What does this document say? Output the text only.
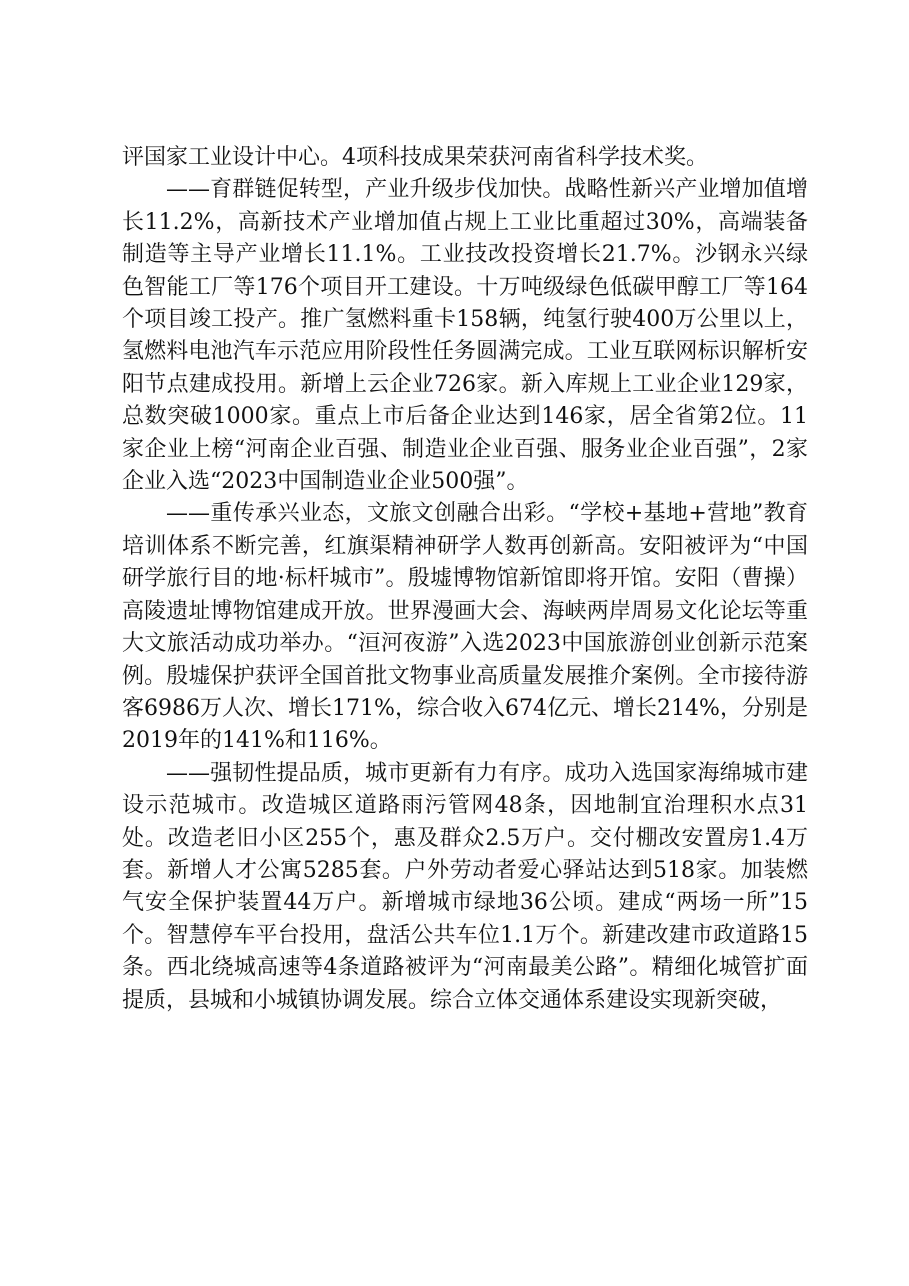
评国家工业设计中心。4项科技成果荣获河南省科学技术奖。

——育群链促转型，产业升级步伐加快。战略性新兴产业增加值增长11.2%，高新技术产业增加值占规上工业比重超过30%，高端装备制造等主导产业增长11.1%。工业技改投资增长21.7%。沙钢永兴绿色智能工厂等176个项目开工建设。十万吨级绿色低碳甲醇工厂等164个项目竣工投产。推广氢燃料重卡158辆，纯氢行驶400万公里以上，氢燃料电池汽车示范应用阶段性任务圆满完成。工业互联网标识解析安阳节点建成投用。新增上云企业726家。新入库规上工业企业129家，总数突破1000家。重点上市后备企业达到146家，居全省第2位。11家企业上榜“河南企业百强、制造业企业百强、服务业企业百强”，2家企业入选“2023中国制造业企业500强”。

——重传承兴业态，文旅文创融合出彩。“学校+基地+营地”教育培训体系不断完善，红旗渠精神研学人数再创新高。安阳被评为“中国研学旅行目的地·标杆城市”。殷墟博物馆新馆即将开馆。安阳（曹操）高陵遗址博物馆建成开放。世界漫画大会、海峡两岸周易文化论坛等重大文旅活动成功举办。“洹河夜游”入选2023中国旅游创业创新示范案例。殷墟保护获评全国首批文物事业高质量发展推介案例。全市接待游客6986万人次、增长171%，综合收入674亿元、增长214%，分别是2019年的141%和116%。

——强韧性提品质，城市更新有力有序。成功入选国家海绵城市建设示范城市。改造城区道路雨污管网48条，因地制宜治理积水点31处。改造老旧小区255个，惠及群众2.5万户。交付棚改安置房1.4万套。新增人才公寓5285套。户外劳动者爱心驿站达到518家。加装燃气安全保护装置44万户。新增城市绿地36公顷。建成“两场一所”15个。智慧停车平台投用，盘活公共车位1.1万个。新建改建市政道路15条。西北绕城高速等4条道路被评为“河南最美公路”。精细化城管扩面提质，县城和小城镇协调发展。综合立体交通体系建设实现新突破，
